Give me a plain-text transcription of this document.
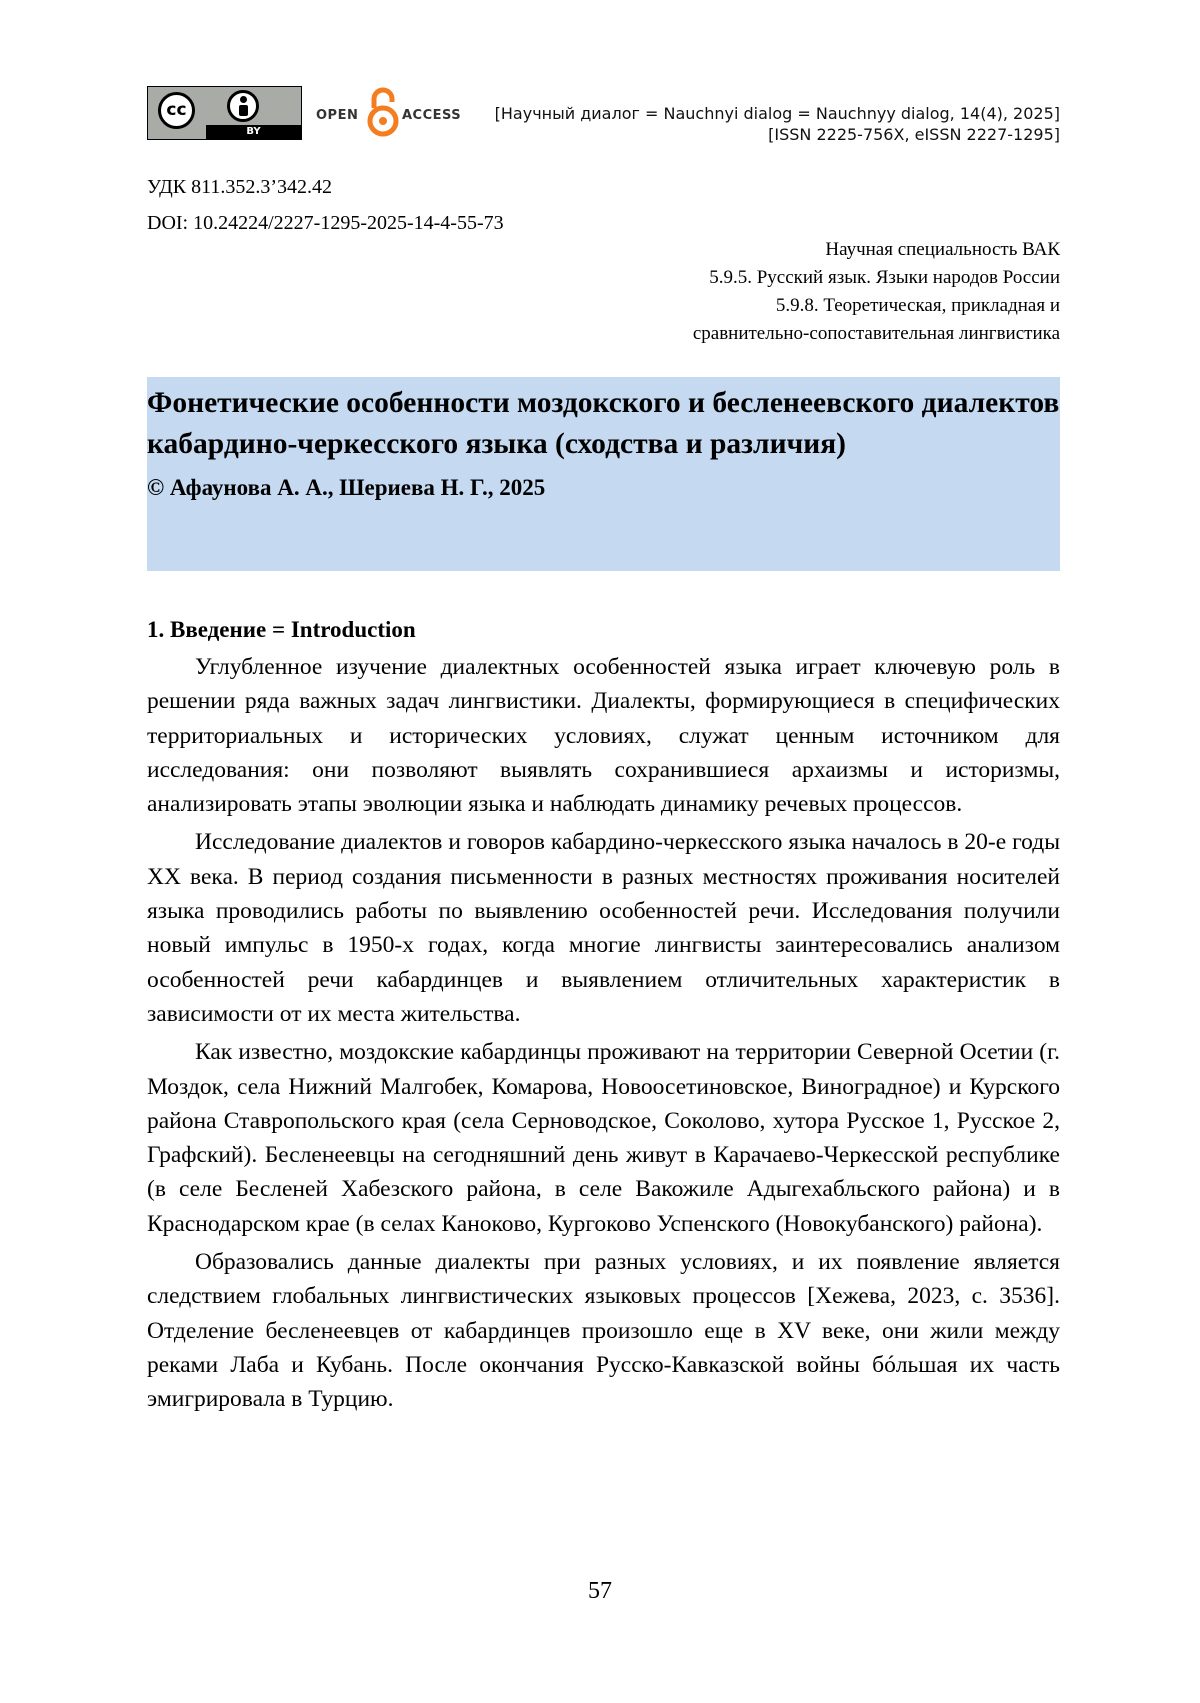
cc
BY
OPEN	ACCESS	[Научный диалог = Nauchnyi dialog = Nauchnyy dialog, 14(4), 2025]
[ISSN 2225-756X, eISSN 2227-1295]
УДК 811.352.3’342.42
DOI: 10.24224/2227-1295-2025-14-4-55-73
Научная специальность ВАК
5.9.5. Русский язык. Языки народов России
5.9.8. Теоретическая, прикладная и
сравнительно-сопоставительная лингвистика
Фонетические особенности моздокского и бесленеевского диалектов кабардино-черкесского языка (сходства и различия)
© Афаунова А. А., Шериева Н. Г., 2025
1. Введение = Introduction

Углубленное изучение диалектных особенностей языка играет ключевую роль в решении ряда важных задач лингвистики. Диалекты, формирующиеся в специфических территориальных и исторических условиях, служат ценным источником для исследования: они позволяют выявлять сохранившиеся архаизмы и историзмы, анализировать этапы эволюции языка и наблюдать динамику речевых процессов.

Исследование диалектов и говоров кабардино-черкесского языка началось в 20-е годы XX века. В период создания письменности в разных местностях проживания носителей языка проводились работы по выявлению особенностей речи. Исследования получили новый импульс в 1950-х годах, когда многие лингвисты заинтересовались анализом особенностей речи кабардинцев и выявлением отличительных характеристик в зависимости от их места жительства.

Как известно, моздокские кабардинцы проживают на территории Северной Осетии (г. Моздок, села Нижний Малгобек, Комарова, Новоосетиновское, Виноградное) и Курского района Ставропольского края (села Серноводское, Соколово, хутора Русское 1, Русское 2, Графский). Бесленеевцы на сегодняшний день живут в Карачаево-Черкесской республике (в селе Бесленей Хабезского района, в селе Вакожиле Адыгехабльского района) и в Краснодарском крае (в селах Каноково, Кургоково Успенского (Новокубанского) района).

Образовались данные диалекты при разных условиях, и их появление является следствием глобальных лингвистических языковых процессов [Хежева, 2023, с. 3536]. Отделение бесленеевцев от кабардинцев произошло еще в XV веке, они жили между реками Лаба и Кубань. После окончания Русско-Кавказской войны бóльшая их часть эмигрировала в Турцию.

57
